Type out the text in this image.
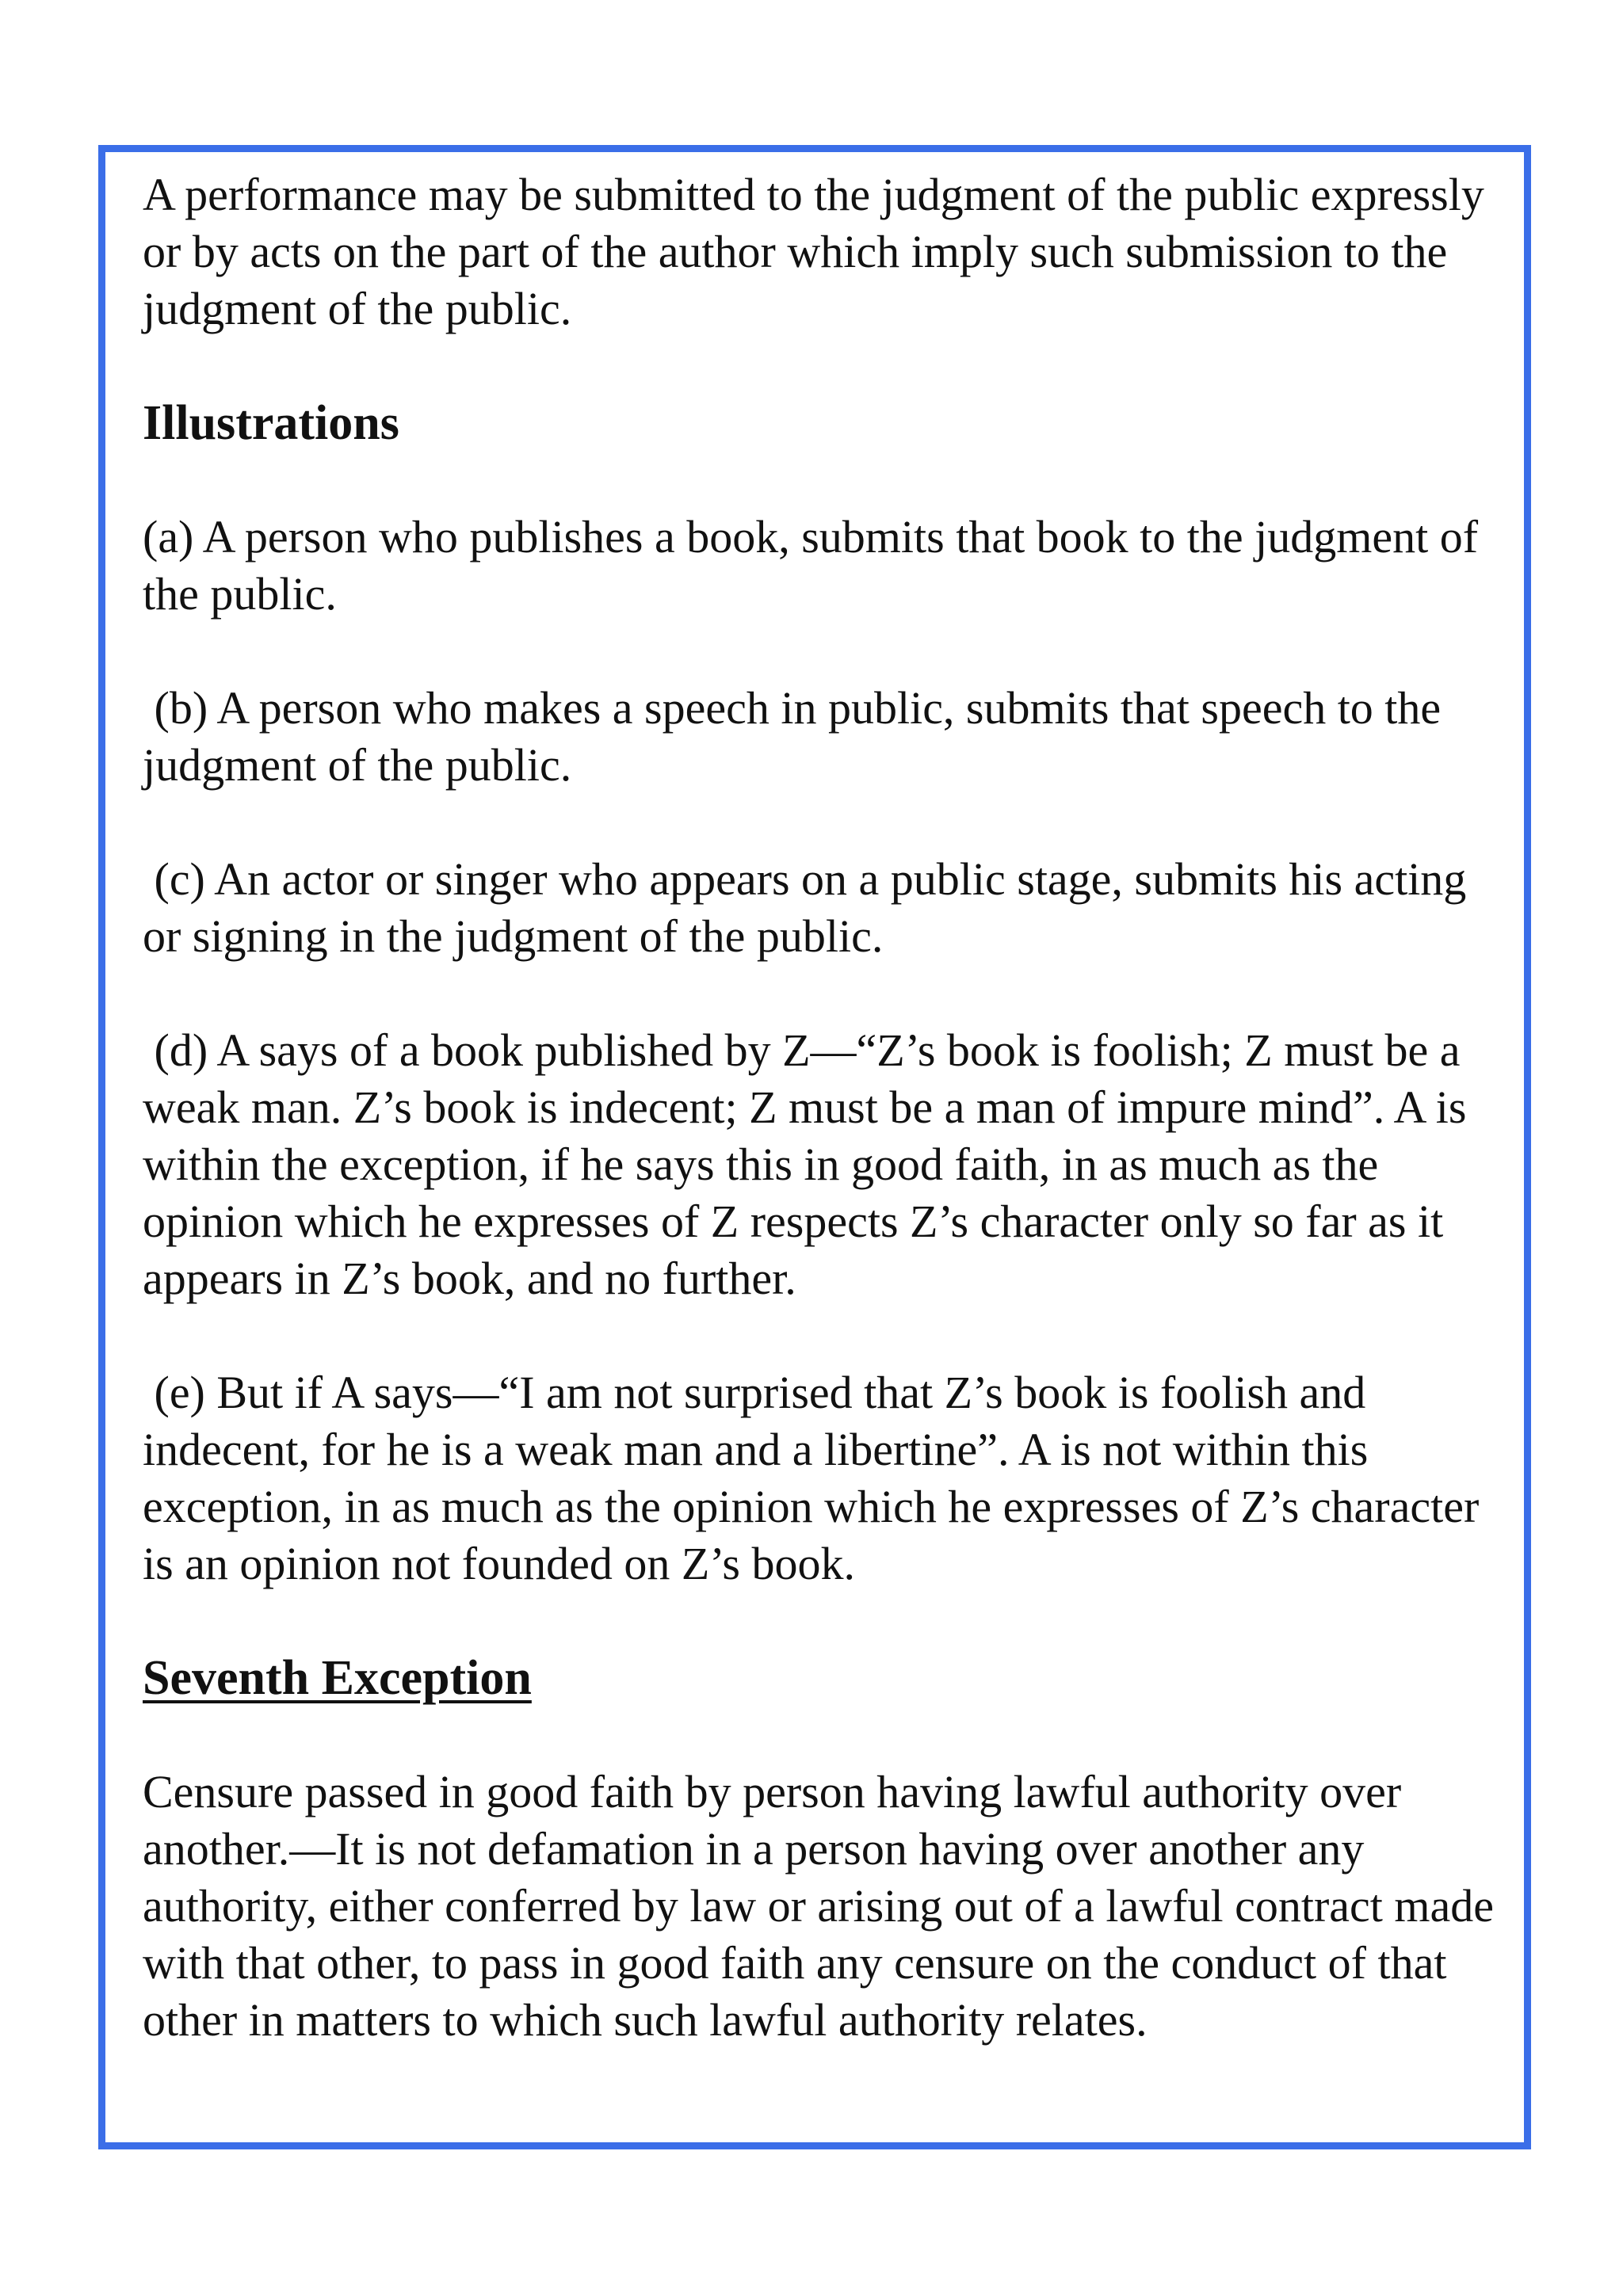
A performance may be submitted to the judgment of the public expressly or by acts on the part of the author which imply such submission to the judgment of the public.

Illustrations

(a) A person who publishes a book, submits that book to the judgment of the public.

(b) A person who makes a speech in public, submits that speech to the judgment of the public.

(c) An actor or singer who appears on a public stage, submits his acting or signing in the judgment of the public.

(d) A says of a book published by Z—“Z’s book is foolish; Z must be a weak man. Z’s book is indecent; Z must be a man of impure mind”. A is within the exception, if he says this in good faith, in as much as the opinion which he expresses of Z respects Z’s character only so far as it appears in Z’s book, and no further.

(e) But if A says—“I am not surprised that Z’s book is foolish and indecent, for he is a weak man and a libertine”. A is not within this exception, in as much as the opinion which he expresses of Z’s character is an opinion not founded on Z’s book.

Seventh Exception

Censure passed in good faith by person having lawful authority over another.—It is not defamation in a person having over another any authority, either conferred by law or arising out of a lawful contract made with that other, to pass in good faith any censure on the conduct of that other in matters to which such lawful authority relates.
